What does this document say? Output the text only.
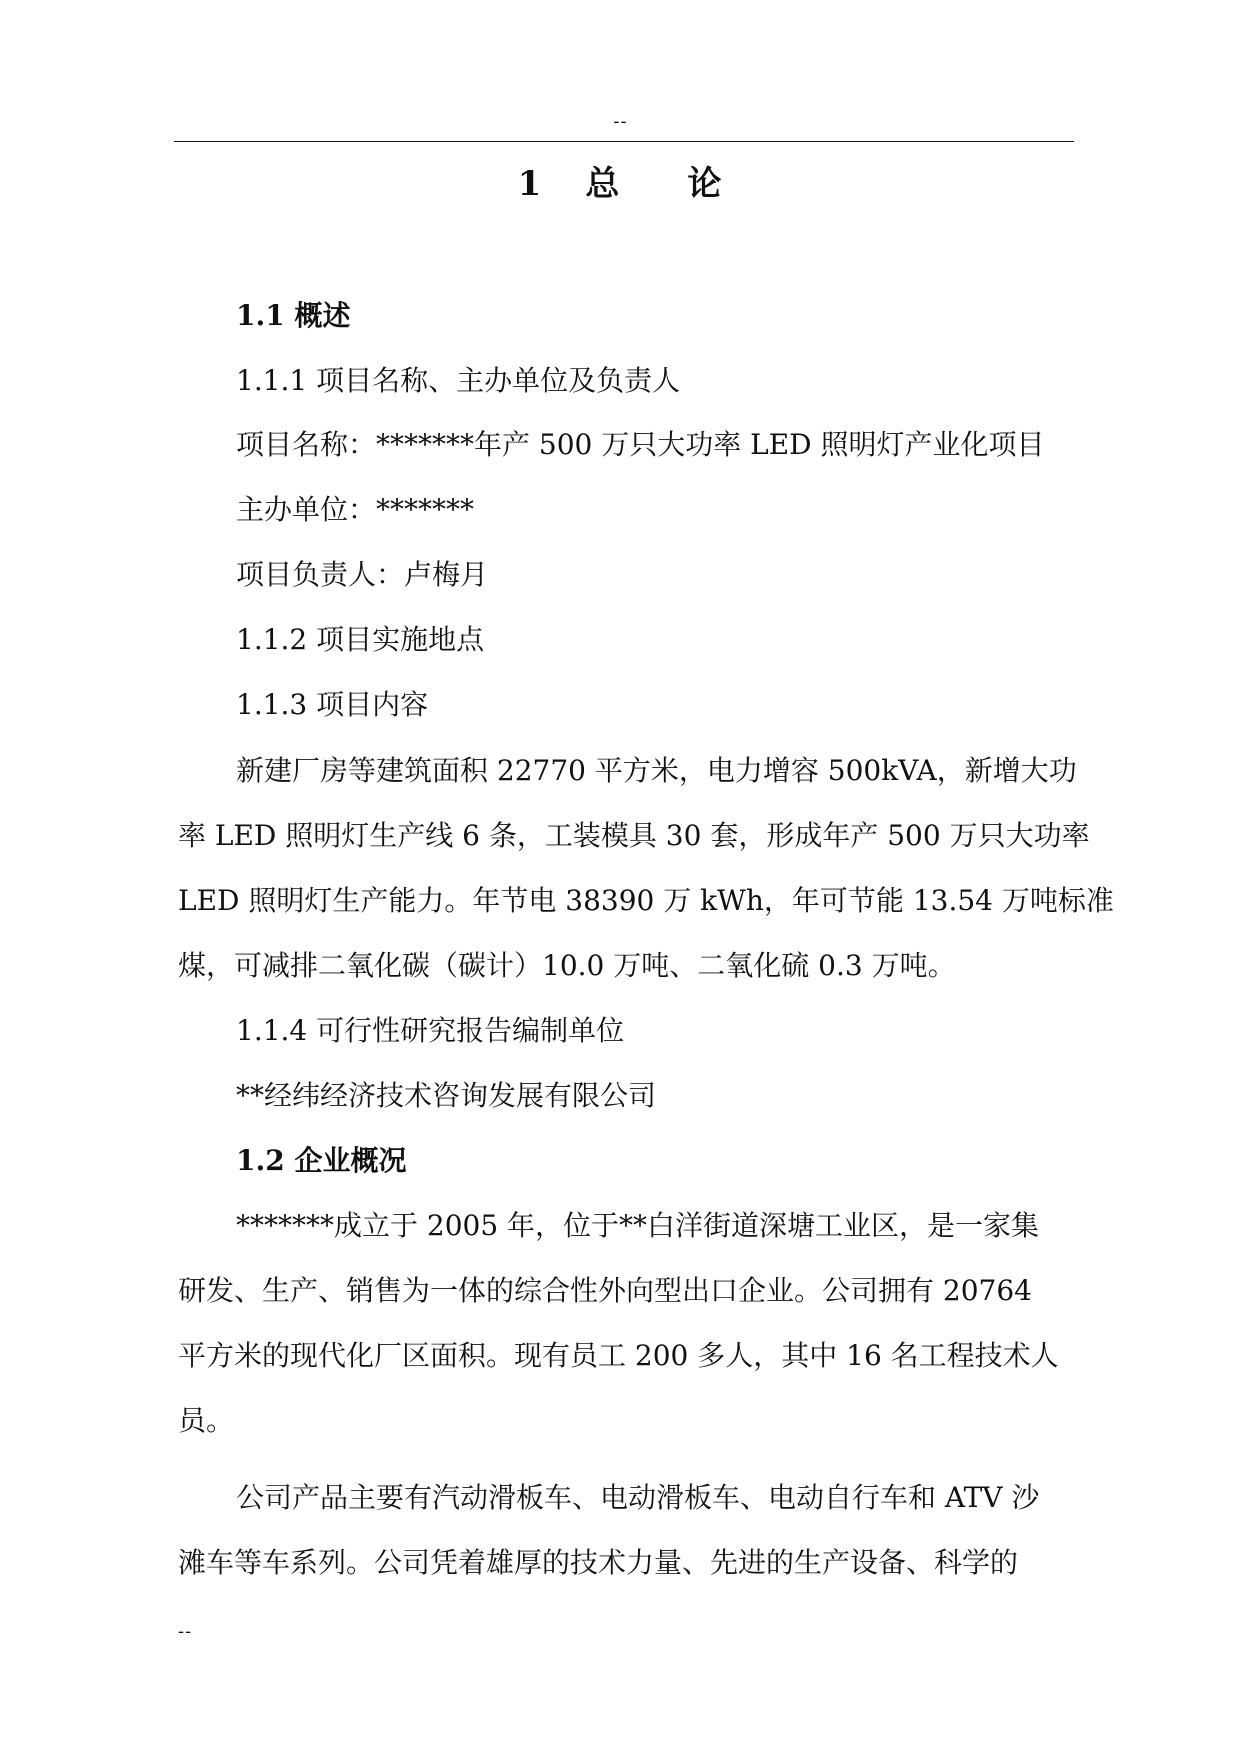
--
1 总 论
1.1 概述
1.1.1 项目名称、主办单位及负责人
项目名称：*******年产 500 万只大功率 LED 照明灯产业化项目
主办单位：*******
项目负责人：卢梅月
1.1.2 项目实施地点
1.1.3 项目内容
新建厂房等建筑面积 22770 平方米，电力增容 500kVA，新增大功
率 LED 照明灯生产线 6 条，工装模具 30 套，形成年产 500 万只大功率
LED 照明灯生产能力。年节电 38390 万 kWh，年可节能 13.54 万吨标准
煤，可减排二氧化碳（碳计）10.0 万吨、二氧化硫 0.3 万吨。
1.1.4 可行性研究报告编制单位
**经纬经济技术咨询发展有限公司
1.2 企业概况
*******成立于 2005 年，位于**白洋街道深塘工业区，是一家集
研发、生产、销售为一体的综合性外向型出口企业。公司拥有 20764
平方米的现代化厂区面积。现有员工 200 多人，其中 16 名工程技术人
员。
公司产品主要有汽动滑板车、电动滑板车、电动自行车和 ATV 沙
滩车等车系列。公司凭着雄厚的技术力量、先进的生产设备、科学的
--
